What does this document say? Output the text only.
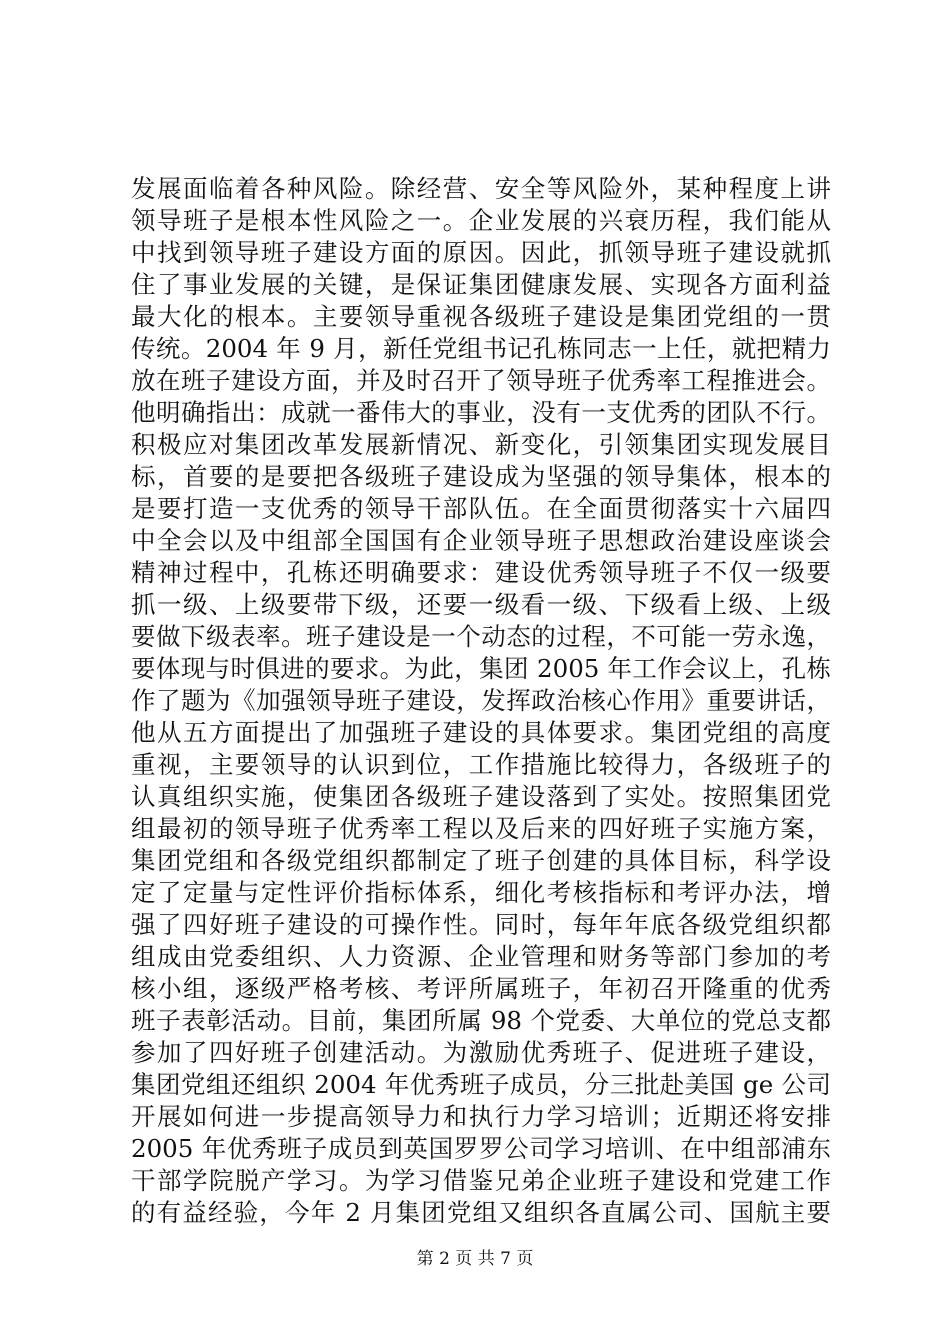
发展面临着各种风险。除经营、安全等风险外，某种程度上讲
领导班子是根本性风险之一。企业发展的兴衰历程，我们能从
中找到领导班子建设方面的原因。因此，抓领导班子建设就抓
住了事业发展的关键，是保证集团健康发展、实现各方面利益
最大化的根本。主要领导重视各级班子建设是集团党组的一贯
传统。2004 年 9 月，新任党组书记孔栋同志一上任，就把精力
放在班子建设方面，并及时召开了领导班子优秀率工程推进会。
他明确指出：成就一番伟大的事业，没有一支优秀的团队不行。
积极应对集团改革发展新情况、新变化，引领集团实现发展目
标，首要的是要把各级班子建设成为坚强的领导集体，根本的
是要打造一支优秀的领导干部队伍。在全面贯彻落实十六届四
中全会以及中组部全国国有企业领导班子思想政治建设座谈会
精神过程中，孔栋还明确要求：建设优秀领导班子不仅一级要
抓一级、上级要带下级，还要一级看一级、下级看上级、上级
要做下级表率。班子建设是一个动态的过程，不可能一劳永逸，
要体现与时俱进的要求。为此，集团 2005 年工作会议上，孔栋
作了题为《加强领导班子建设，发挥政治核心作用》重要讲话，
他从五方面提出了加强班子建设的具体要求。集团党组的高度
重视，主要领导的认识到位，工作措施比较得力，各级班子的
认真组织实施，使集团各级班子建设落到了实处。按照集团党
组最初的领导班子优秀率工程以及后来的四好班子实施方案，
集团党组和各级党组织都制定了班子创建的具体目标，科学设
定了定量与定性评价指标体系，细化考核指标和考评办法，增
强了四好班子建设的可操作性。同时，每年年底各级党组织都
组成由党委组织、人力资源、企业管理和财务等部门参加的考
核小组，逐级严格考核、考评所属班子，年初召开隆重的优秀
班子表彰活动。目前，集团所属 98 个党委、大单位的党总支都
参加了四好班子创建活动。为激励优秀班子、促进班子建设，
集团党组还组织 2004 年优秀班子成员，分三批赴美国 ge 公司
开展如何进一步提高领导力和执行力学习培训；近期还将安排
2005 年优秀班子成员到英国罗罗公司学习培训、在中组部浦东
干部学院脱产学习。为学习借鉴兄弟企业班子建设和党建工作
的有益经验，今年 2 月集团党组又组织各直属公司、国航主要
第 2 页 共 7 页
